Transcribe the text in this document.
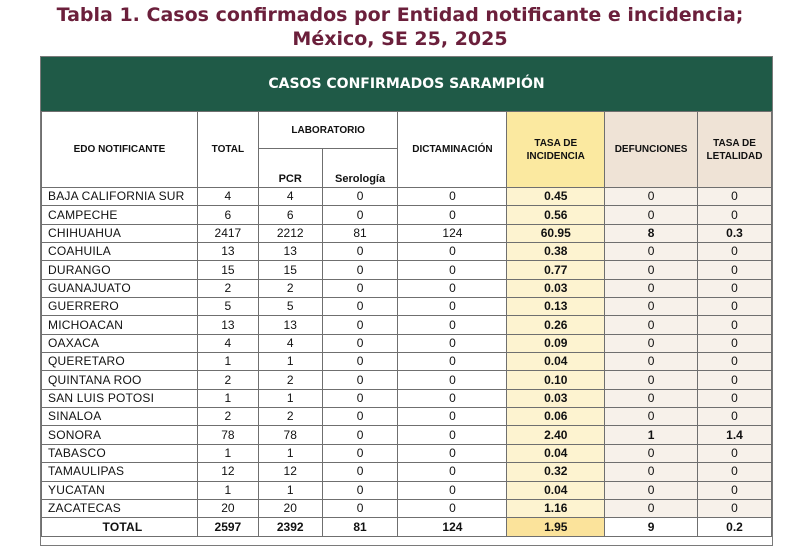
Tabla 1. Casos confirmados por Entidad notificante e incidencia;
México, SE 25, 2025
CASOS CONFIRMADOS SARAMPIÓN
EDO NOTIFICANTE	TOTAL	LABORATORIO		DICTAMINACIÓN	TASA DE INCIDENCIA	DEFUNCIONES	TASA DE LETALIDAD
		PCR	Serología				
BAJA CALIFORNIA SUR	4	4	0	0	0.45	0	0
CAMPECHE	6	6	0	0	0.56	0	0
CHIHUAHUA	2417	2212	81	124	60.95	8	0.3
COAHUILA	13	13	0	0	0.38	0	0
DURANGO	15	15	0	0	0.77	0	0
GUANAJUATO	2	2	0	0	0.03	0	0
GUERRERO	5	5	0	0	0.13	0	0
MICHOACAN	13	13	0	0	0.26	0	0
OAXACA	4	4	0	0	0.09	0	0
QUERETARO	1	1	0	0	0.04	0	0
QUINTANA ROO	2	2	0	0	0.10	0	0
SAN LUIS POTOSI	1	1	0	0	0.03	0	0
SINALOA	2	2	0	0	0.06	0	0
SONORA	78	78	0	0	2.40	1	1.4
TABASCO	1	1	0	0	0.04	0	0
TAMAULIPAS	12	12	0	0	0.32	0	0
YUCATAN	1	1	0	0	0.04	0	0
ZACATECAS	20	20	0	0	1.16	0	0
TOTAL	2597	2392	81	124	1.95	9	0.2
